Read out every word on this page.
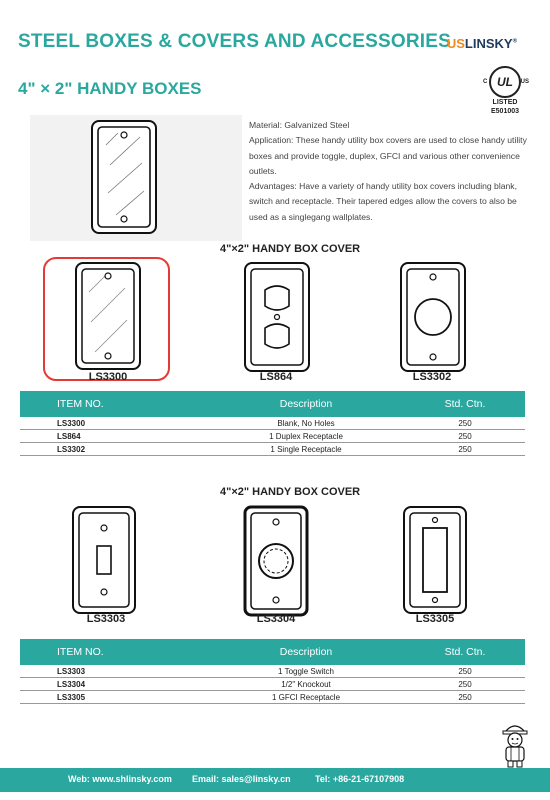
STEEL BOXES & COVERS AND ACCESSORIES
USLINSKY®
4" × 2" HANDY BOXES	C UL US
LISTED
E501003

Material: Galvanized Steel

Application: These handy utility box covers are used to close handy utility boxes and provide toggle, duplex, GFCI and various other convenience outlets.

Advantages: Have a variety of handy utility box covers including blank, switch and receptacle. Their tapered edges allow the covers to also be used as a singlegang wallplates.

4"×2" HANDY BOX COVER
LS3300	LS864	LS3302
ITEM NO.	Description	Std. Ctn.
LS3300	Blank, No Holes	250
LS864	1 Duplex Receptacle	250
LS3302	1 Single Receptacle	250
4"×2" HANDY BOX COVER
LS3303	LS3304	LS3305
ITEM NO.	Description	Std. Ctn.
LS3303	1 Toggle Switch	250
LS3304	1/2" Knockout	250
LS3305	1 GFCI Receptacle	250
Web: www.shlinsky.com Email: sales@linsky.cn	Tel: +86-21-67107908
